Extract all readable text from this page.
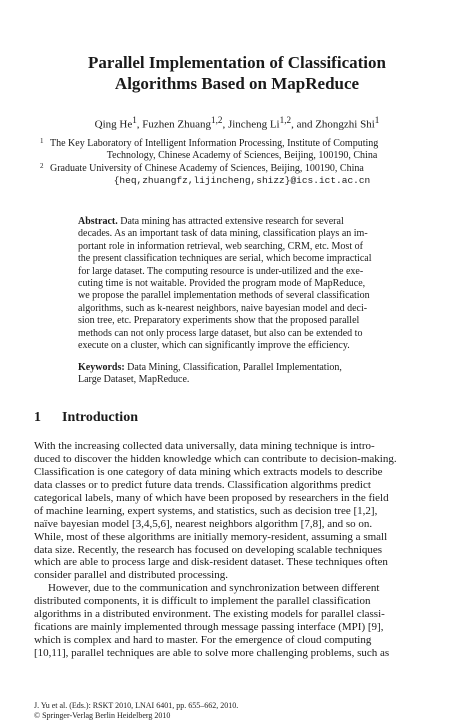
Parallel Implementation of Classification
Algorithms Based on MapReduce
Qing He$^1$, Fuzhen Zhuang$^{1,2}$, Jincheng Li$^{1,2}$, and Zhongzhi Shi$^1$
1 The Key Laboratory of Intelligent Information Processing, Institute of Computing
Technology, Chinese Academy of Sciences, Beijing, 100190, China
2 Graduate University of Chinese Academy of Sciences, Beijing, 100190, China
{heq,zhuangfz,lijincheng,shizz}@ics.ict.ac.cn
Abstract. Data mining has attracted extensive research for several
decades. As an important task of data mining, classification plays an im-
portant role in information retrieval, web searching, CRM, etc. Most of
the present classification techniques are serial, which become impractical
for large dataset. The computing resource is under-utilized and the exe-
cuting time is not waitable. Provided the program mode of MapReduce,
we propose the parallel implementation methods of several classification
algorithms, such as k-nearest neighbors, naive bayesian model and deci-
sion tree, etc. Preparatory experiments show that the proposed parallel
methods can not only process large dataset, but also can be extended to
execute on a cluster, which can significantly improve the efficiency.
Keywords: Data Mining, Classification, Parallel Implementation,
Large Dataset, MapReduce.
1 Introduction
With the increasing collected data universally, data mining technique is intro-
duced to discover the hidden knowledge which can contribute to decision-making.
Classification is one category of data mining which extracts models to describe
data classes or to predict future data trends. Classification algorithms predict
categorical labels, many of which have been proposed by researchers in the field
of machine learning, expert systems, and statistics, such as decision tree [1,2],
naïve bayesian model [3,4,5,6], nearest neighbors algorithm [7,8], and so on.
While, most of these algorithms are initially memory-resident, assuming a small
data size. Recently, the research has focused on developing scalable techniques
which are able to process large and disk-resident dataset. These techniques often
consider parallel and distributed processing.
However, due to the communication and synchronization between different
distributed components, it is difficult to implement the parallel classification
algorithms in a distributed environment. The existing models for parallel classi-
fications are mainly implemented through message passing interface (MPI) [9],
which is complex and hard to master. For the emergence of cloud computing
[10,11], parallel techniques are able to solve more challenging problems, such as
J. Yu et al. (Eds.): RSKT 2010, LNAI 6401, pp. 655–662, 2010.
© Springer-Verlag Berlin Heidelberg 2010
